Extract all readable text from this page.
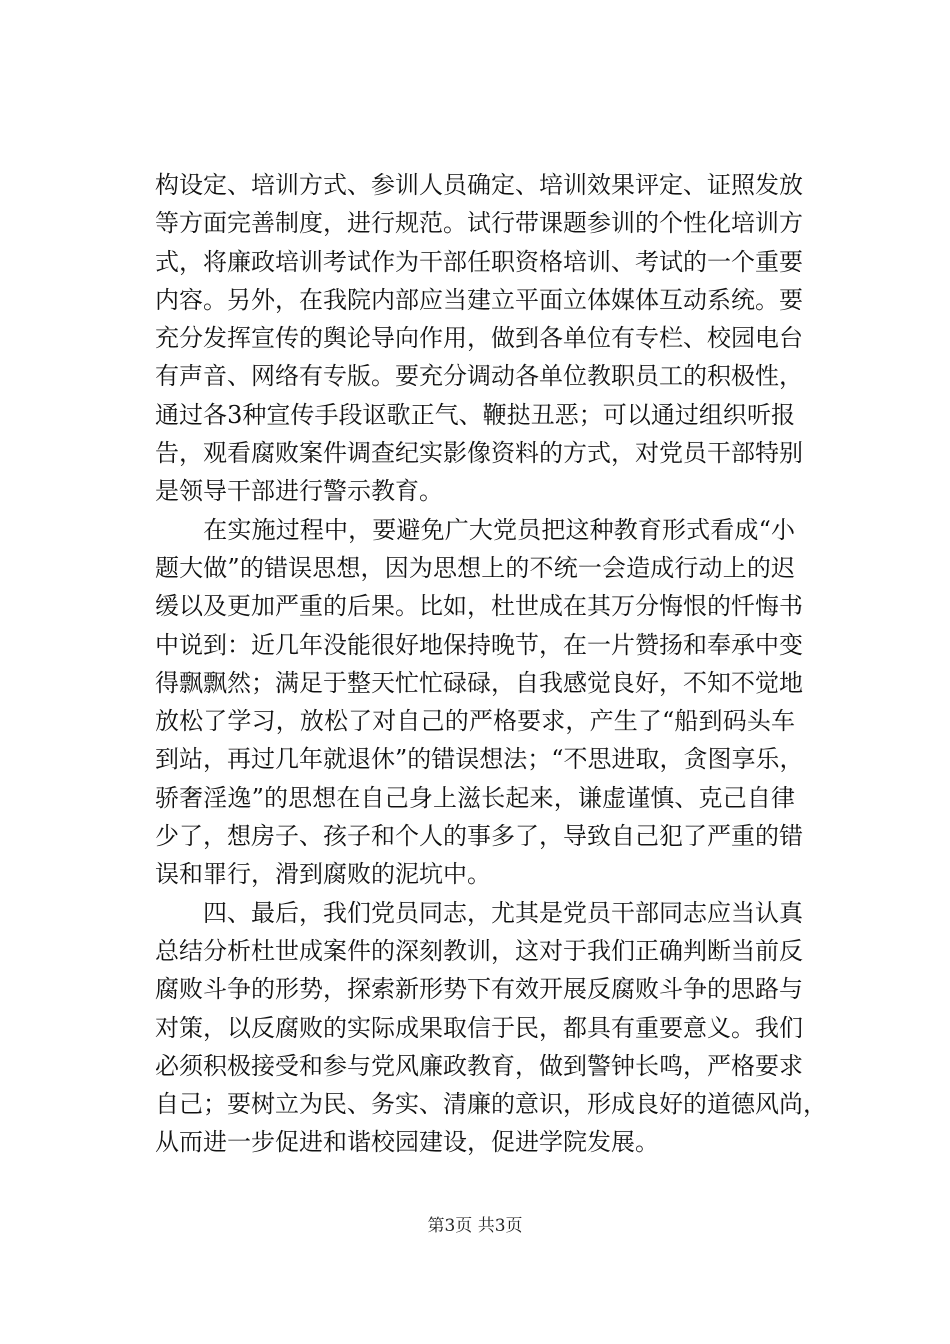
构设定、培训方式、参训人员确定、培训效果评定、证照发放
等方面完善制度，进行规范。试行带课题参训的个性化培训方
式，将廉政培训考试作为干部任职资格培训、考试的一个重要
内容。另外，在我院内部应当建立平面立体媒体互动系统。要
充分发挥宣传的舆论导向作用，做到各单位有专栏、校园电台
有声音、网络有专版。要充分调动各单位教职员工的积极性，
通过各3种宣传手段讴歌正气、鞭挞丑恶；可以通过组织听报
告，观看腐败案件调查纪实影像资料的方式，对党员干部特别
是领导干部进行警示教育。
　　在实施过程中，要避免广大党员把这种教育形式看成“小
题大做”的错误思想，因为思想上的不统一会造成行动上的迟
缓以及更加严重的后果。比如，杜世成在其万分悔恨的忏悔书
中说到：近几年没能很好地保持晚节，在一片赞扬和奉承中变
得飘飘然；满足于整天忙忙碌碌，自我感觉良好，不知不觉地
放松了学习，放松了对自己的严格要求，产生了“船到码头车
到站，再过几年就退休”的错误想法；“不思进取，贪图享乐，
骄奢淫逸”的思想在自己身上滋长起来，谦虚谨慎、克己自律
少了，想房子、孩子和个人的事多了，导致自己犯了严重的错
误和罪行，滑到腐败的泥坑中。
　　四、最后，我们党员同志，尤其是党员干部同志应当认真
总结分析杜世成案件的深刻教训，这对于我们正确判断当前反
腐败斗争的形势，探索新形势下有效开展反腐败斗争的思路与
对策，以反腐败的实际成果取信于民，都具有重要意义。我们
必须积极接受和参与党风廉政教育，做到警钟长鸣，严格要求
自己；要树立为民、务实、清廉的意识，形成良好的道德风尚，
从而进一步促进和谐校园建设，促进学院发展。
第3页 共3页
